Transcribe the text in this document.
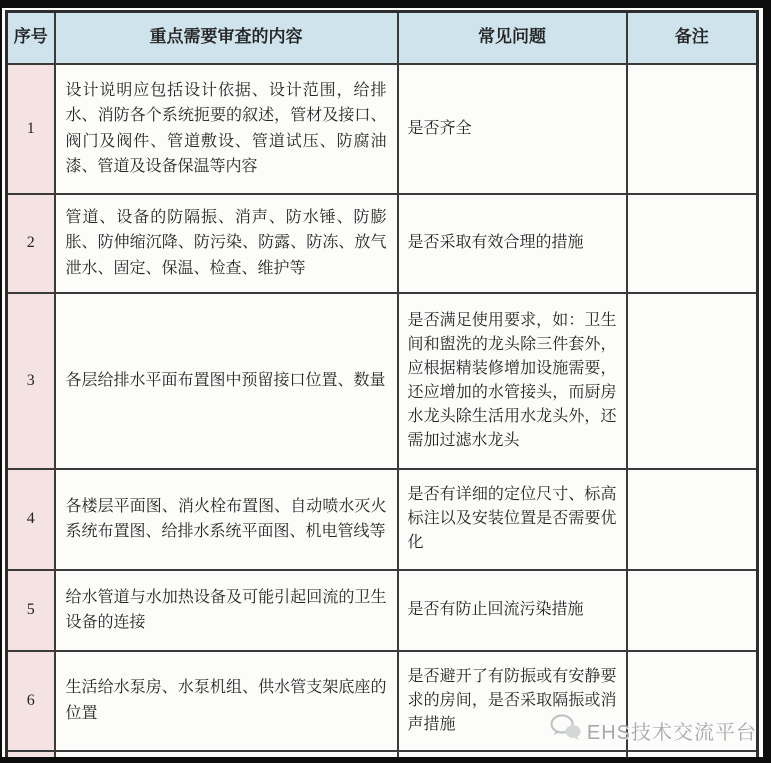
序号	重点需要审查的内容	常见问题	备注
1	设计说明应包括设计依据、设计范围，给排水、消防各个系统扼要的叙述，管材及接口、阀门及阀件、管道敷设、管道试压、防腐油漆、管道及设备保温等内容	是否齐全	
2	管道、设备的防隔振、消声、防水锤、防膨胀、防伸缩沉降、防污染、防露、防冻、放气泄水、固定、保温、检查、维护等	是否采取有效合理的措施	
3	各层给排水平面布置图中预留接口位置、数量	是否满足使用要求，如：卫生间和盥洗的龙头除三件套外，应根据精装修增加设施需要，还应增加的水管接头，而厨房水龙头除生活用水龙头外，还需加过滤水龙头	
4	各楼层平面图、消火栓布置图、自动喷水灭火系统布置图、给排水系统平面图、机电管线等	是否有详细的定位尺寸、标高标注以及安装位置是否需要优化	
5	给水管道与水加热设备及可能引起回流的卫生设备的连接	是否有防止回流污染措施	
6	生活给水泵房、水泵机组、供水管支架底座的位置	是否避开了有防振或有安静要求的房间，是否采取隔振或消声措施	
				EHS技术交流平台
